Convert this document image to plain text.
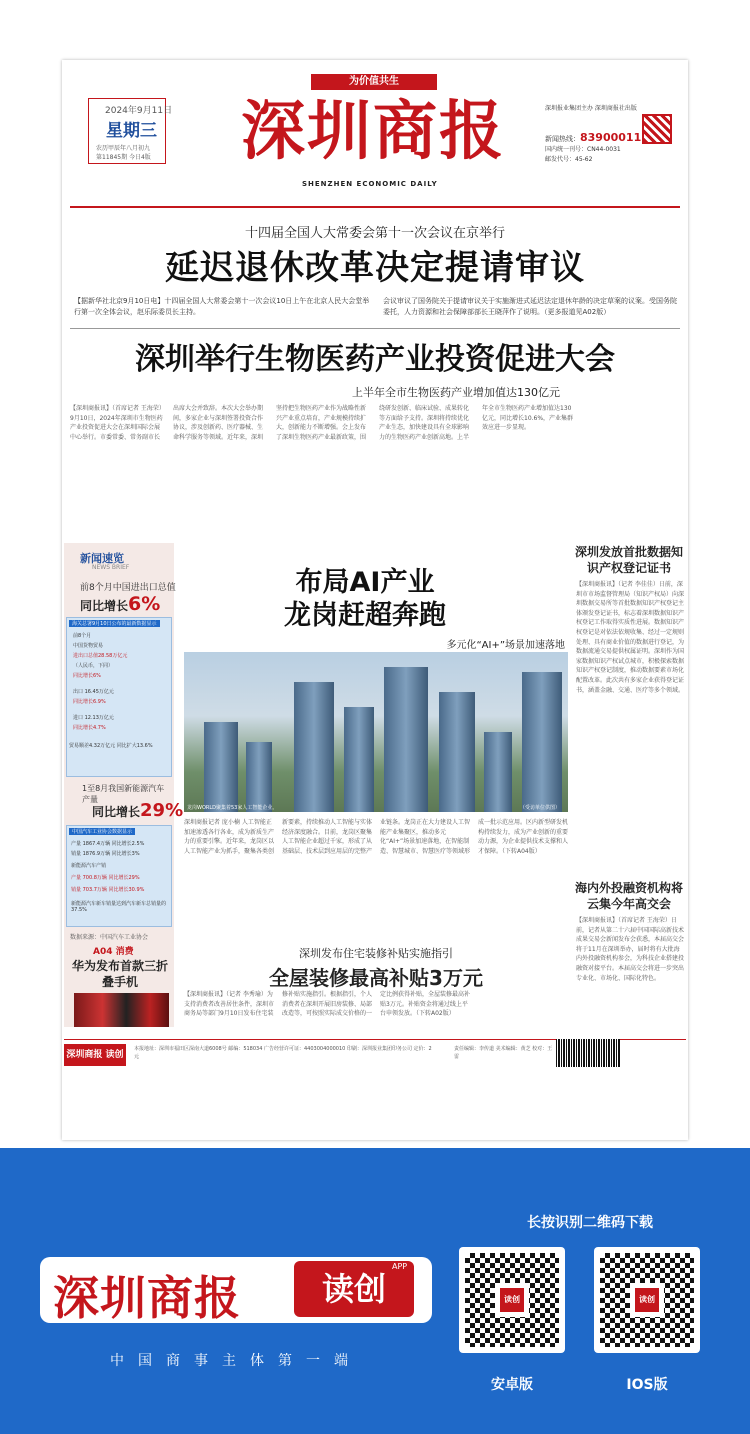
为价值共生
2024年9月11日
星期三
农历甲辰年八月初九
第11845期 今日4版 深圳商报
SHENZHEN ECONOMIC DAILY
深圳报业集团主办 深圳商报社出版
新闻热线：83900011
国内统一刊号：CN44-0031
邮发代号：45-62
十四届全国人大常委会第十一次会议在京举行
延迟退休改革决定提请审议
【据新华社北京9月10日电】十四届全国人大常委会第十一次会议10日上午在北京人民大会堂举行第一次全体会议，赵乐际委员长主持。
会议审议了国务院关于提请审议关于实施渐进式延迟法定退休年龄的决定草案的议案。受国务院委托，人力资源和社会保障部部长王晓萍作了说明。（更多报道见A02版）
深圳举行生物医药产业投资促进大会
上半年全市生物医药产业增加值达130亿元
【深圳商报讯】（首席记者 王海荣）9月10日，2024年深圳市生物医药产业投资促进大会在深圳国际会展中心举行。市委常委、常务副市长出席大会并致辞。本次大会举办期间，多家企业与深圳签署投资合作协议，涉及创新药、医疗器械、生命科学服务等领域。近年来，深圳坚持把生物医药产业作为战略性新兴产业重点培育，产业规模持续扩大，创新能力不断增强。会上发布了深圳生物医药产业最新政策，围绕研发创新、临床试验、成果转化等方面给予支持。深圳将持续优化产业生态，加快建设具有全球影响力的生物医药产业创新高地。上半年全市生物医药产业增加值达130亿元，同比增长10.6%，产业集群效应进一步显现。
新闻速览
NEWS BRIEF
前8个月中国进出口总值
同比增长6%
海关总署9月10日公布的最新数据显示
前8个月
中国货物贸易
进出口总值28.58万亿元
（人民币，下同）
同比增长6%
出口 16.45万亿元
同比增长6.9%
进口 12.13万亿元
同比增长4.7%
贸易顺差4.32万亿元 同比扩大13.6%
1至8月我国新能源汽车产量
同比增长29%
中国汽车工业协会数据显示
产量 1867.4万辆 同比增长2.5%
销量 1876.9万辆 同比增长3%
新能源汽车产销
产量 700.8万辆 同比增长29%
销量 703.7万辆 同比增长30.9%
新能源汽车新车销量达到汽车新车总销量的37.5%
数据来源：中国汽车工业协会
A04 消费
华为发布首款三折叠手机
布局AI产业
龙岗赶超奔跑
多元化“AI+”场景加速落地
龙岗WORLD聚集着53家人工智能企业。	（受访单位供图）
深圳商报记者 庞小楠 人工智能正加速渗透各行各业，成为新质生产力的重要引擎。近年来，龙岗区以人工智能产业为抓手，聚集各类创新要素，持续推动人工智能与实体经济深度融合。目前，龙岗区聚集人工智能企业超过千家，形成了从基础层、技术层到应用层的完整产业链条。龙岗正在大力建设人工智能产业集聚区，推动多元化“AI+”场景加速落地，在智能制造、智慧城市、智慧医疗等领域形成一批示范应用。区内新型研发机构持续发力，成为产业创新的重要动力源，为企业提供技术支撑和人才保障。（下转A04版）
深圳发放首批数据知识产权登记证书
【深圳商报讯】（记者 李佳佳）日前，深圳市市场监督管理局（知识产权局）向深圳数据交易所等首批数据知识产权登记主体颁发登记证书，标志着深圳数据知识产权登记工作取得实质性进展。数据知识产权登记是对依法依规收集、经过一定规则处理、具有商业价值的数据进行登记，为数据流通交易提供权属证明。深圳作为国家数据知识产权试点城市，积极探索数据知识产权登记制度，推动数据要素市场化配置改革。此次共有多家企业获得登记证书，涵盖金融、交通、医疗等多个领域。
海内外投融资机构将云集今年高交会
【深圳商报讯】（首席记者 王海荣）日前，记者从第二十六届中国国际高新技术成果交易会新闻发布会获悉，本届高交会将于11月在深圳举办，届时将有大批海内外投融资机构参会，为科技企业搭建投融资对接平台。本届高交会将进一步突出专业化、市场化、国际化特色。
深圳发布住宅装修补贴实施指引
全屋装修最高补贴3万元
【深圳商报讯】（记者 李秀瑜）为支持消费者改善居住条件，深圳市商务局等部门9月10日发布住宅装修补贴实施指引。根据指引，个人消费者在深圳开展旧房装修、局部改造等，可按照实际成交价格的一定比例获得补贴，全屋装修最高补贴3万元。补贴资金将通过线上平台申领发放。（下转A02版）
深圳商报 读创
本报地址：深圳市福田区深南大道6008号 邮编：518034 广告经营许可证：4403004000010 印刷：深圳报业集团印务公司 定价：2元
责任编辑：李传道 美术编辑：黄芝 校对：王雷
深圳商报	读创
APP
中国商事主体第一端
长按识别二维码下载
读创
安卓版
读创
IOS版
